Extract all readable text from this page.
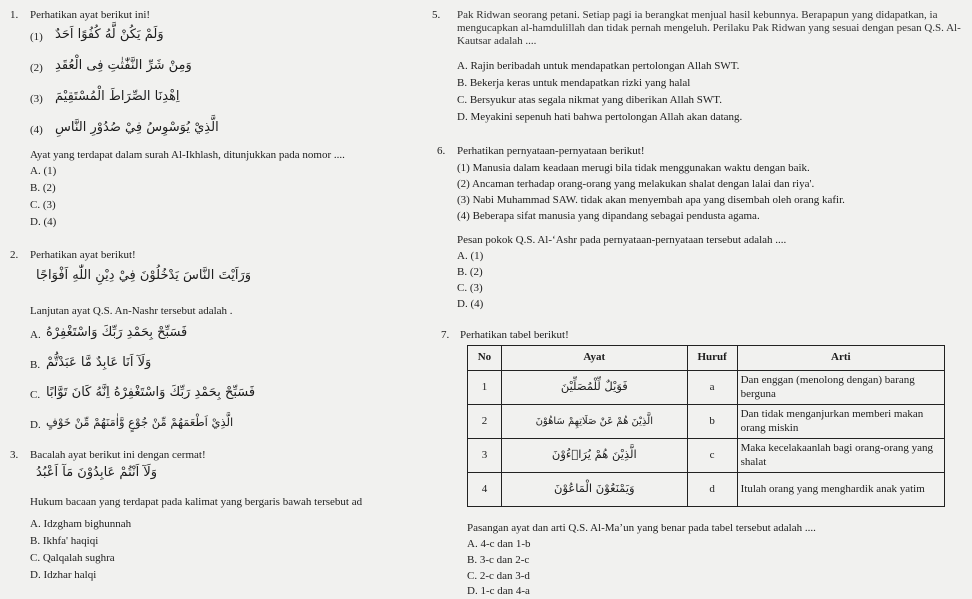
1. Perhatikan ayat berikut ini!
(1) وَلَمْ يَكُنْ لَّهُ كُفُوًا اَحَدٌ
(2) وَمِنْ شَرِّ النَّفّٰثٰتِ فِى الْعُقَدِ
(3) اِهْدِنَا الصِّرَاطَ الْمُسْتَقِيْمَ
(4) الَّذِيْ يُوَسْوِسُ فِيْ صُدُوْرِ النَّاسِ
Ayat yang terdapat dalam surah Al-Ikhlash, ditunjukkan pada nomor ....
A. (1)
B. (2)
C. (3)
D. (4)
2. Perhatikan ayat berikut!
وَرَاَيْتَ النَّاسَ يَدْخُلُوْنَ فِيْ دِيْنِ اللّٰهِ اَفْوَاجًا
Lanjutan ayat Q.S. An-Nashr tersebut adalah .
A. فَسَبِّحْ بِحَمْدِ رَبِّكَ وَاسْتَغْفِرْهُ
B. وَلَآ اَنَا عَابِدٌ مَّا عَبَدْتُّمْ
C. فَسَبِّحْ بِحَمْدِ رَبِّكَ وَاسْتَغْفِرْهُ اِنَّهُ كَانَ تَوَّابًا
D. الَّذِيْ اَطْعَمَهُمْ مِّنْ جُوْعٍ وَّاٰمَنَهُمْ مِّنْ خَوْفٍ
3. Bacalah ayat berikut ini dengan cermat!
وَلَآ اَنْتُمْ عَابِدُوْنَ مَآ اَعْبُدُ
Hukum bacaan yang terdapat pada kalimat yang bergaris bawah tersebut ad
A. Idzgham bighunnah
B. Ikhfa' haqiqi
C. Qalqalah sughra
D. Idzhar halqi
5. Pak Ridwan seorang petani. Setiap pagi ia berangkat menjual hasil kebunnya. Berapapun yang didapatkan, ia mengucapkan al-hamdulillah dan tidak pernah mengeluh. Perilaku Pak Ridwan yang sesuai dengan pesan Q.S. Al-Kautsar adalah ....
A. Rajin beribadah untuk mendapatkan pertolongan Allah SWT.
B. Bekerja keras untuk mendapatkan rizki yang halal
C. Bersyukur atas segala nikmat yang diberikan Allah SWT.
D. Meyakini sepenuh hati bahwa pertolongan Allah akan datang.
6. Perhatikan pernyataan-pernyataan berikut!
(1) Manusia dalam keadaan merugi bila tidak menggunakan waktu dengan baik.
(2) Ancaman terhadap orang-orang yang melakukan shalat dengan lalai dan riya'.
(3) Nabi Muhammad SAW. tidak akan menyembah apa yang disembah oleh orang kafir.
(4) Beberapa sifat manusia yang dipandang sebagai pendusta agama.
Pesan pokok Q.S. Al-‘Ashr pada pernyataan-pernyataan tersebut adalah ....
A. (1)
B. (2)
C. (3)
D. (4)
7. Perhatikan tabel berikut!
No	Ayat	Huruf	Arti
1	فَوَيْلٌ لِّلْمُصَلِّيْنَ	a	Dan enggan (menolong dengan) barang berguna
2	الَّذِيْنَ هُمْ عَنْ صَلَاتِهِمْ سَاهُوْنَ	b	Dan tidak menganjurkan memberi makan orang miskin
3	الَّذِيْنَ هُمْ يُرَاۤءُوْنَ	c	Maka kecelakaanlah bagi orang-orang yang shalat
4	وَيَمْنَعُوْنَ الْمَاعُوْنَ	d	Itulah orang yang menghardik anak yatim
Pasangan ayat dan arti Q.S. Al-Ma’un yang benar pada tabel tersebut adalah ....
A. 4-c dan 1-b
B. 3-c dan 2-c
C. 2-c dan 3-d
D. 1-c dan 4-a
